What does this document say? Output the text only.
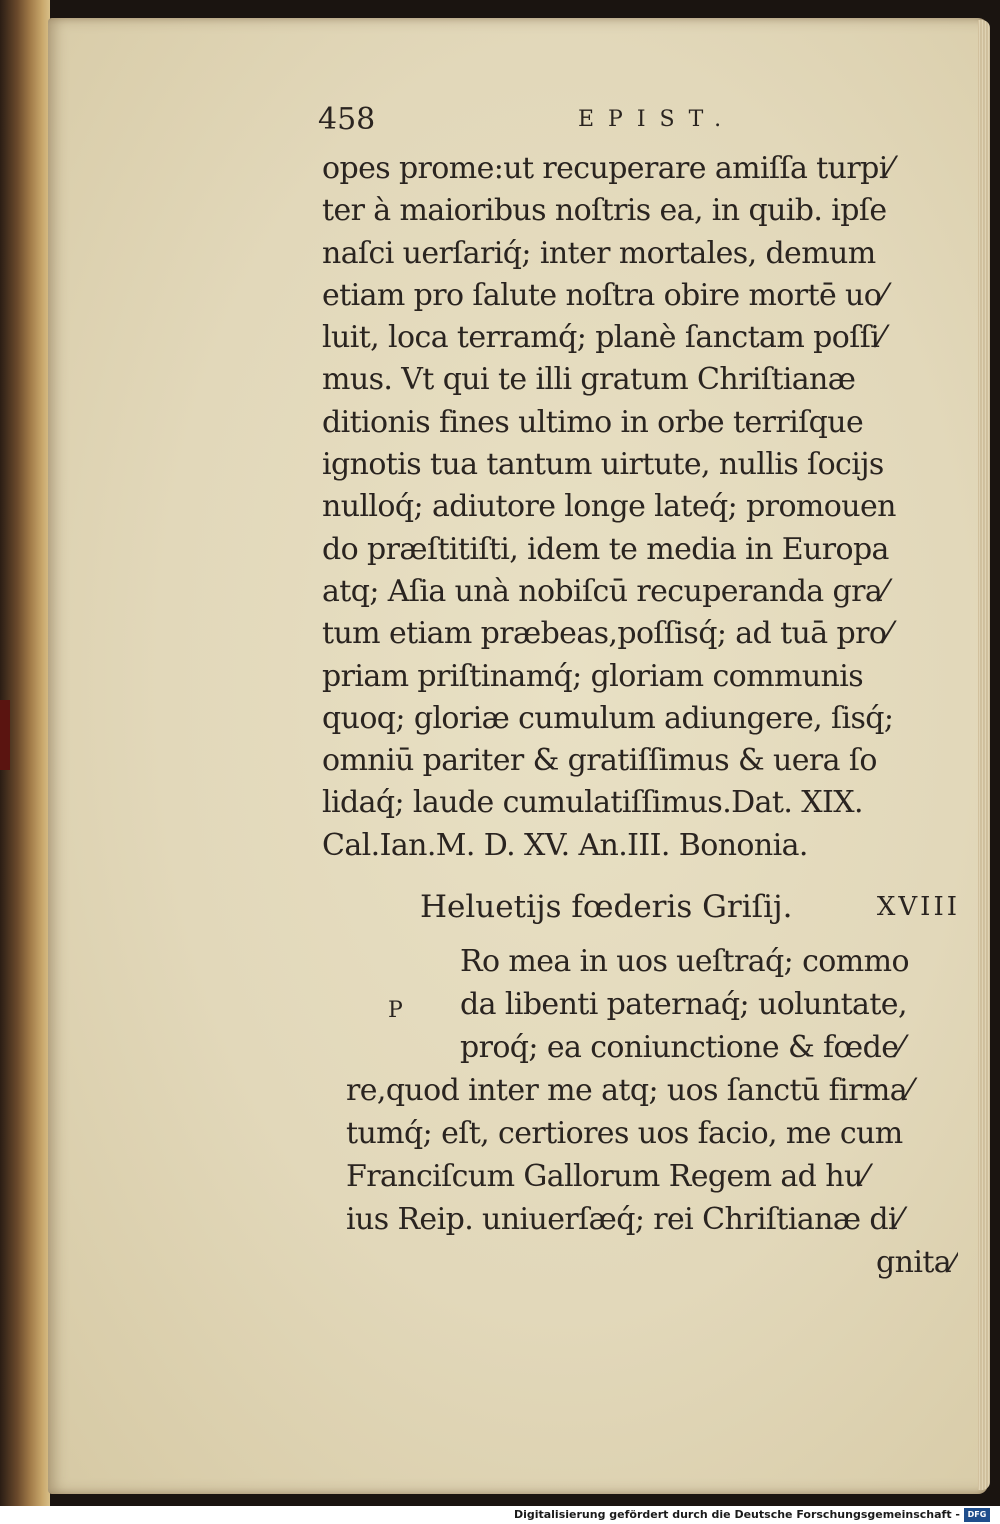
458	EPIST.
opes prome:ut recuperare amiſſa turpi⁄
ter à maioribus noſtris ea, in quib. ipſe
naſci uerſariq́; inter mortales, demum
etiam pro ſalute noſtra obire mortē uo⁄
luit, loca terramq́; planè ſanctam poſſi⁄
mus. Vt qui te illi gratum Chriſtianæ
ditionis fines ultimo in orbe terriſque
ignotis tua tantum uirtute, nullis ſocijs
nulloq́; adiutore longe lateq́; promouen
do præſtitiſti, idem te media in Europa
atq; Aſia unà nobiſcū recuperanda gra⁄
tum etiam præbeas,poſſisq́; ad tuā pro⁄
priam priſtinamq́; gloriam communis
quoq; gloriæ cumulum adiungere, ſisq́;
omniū pariter & gratiſſimus & uera ſo
lidaq́; laude cumulatiſſimus.Dat. XIX.
Cal.Ian.M. D. XV. An.III. Bononia.
Heluetijs fœderis Griſij.	XVIII
P
Ro mea in uos ueſtraq́; commo
da libenti paternaq́; uoluntate,
proq́; ea coniunctione & fœde⁄
re,quod inter me atq; uos ſanctū firma⁄
tumq́; eſt, certiores uos facio, me cum
Franciſcum Gallorum Regem ad hu⁄
ius Reip. uniuerſæq́; rei Chriſtianæ di⁄
gnita⁄
Digitalisierung gefördert durch die Deutsche Forschungsgemeinschaft - DFG
